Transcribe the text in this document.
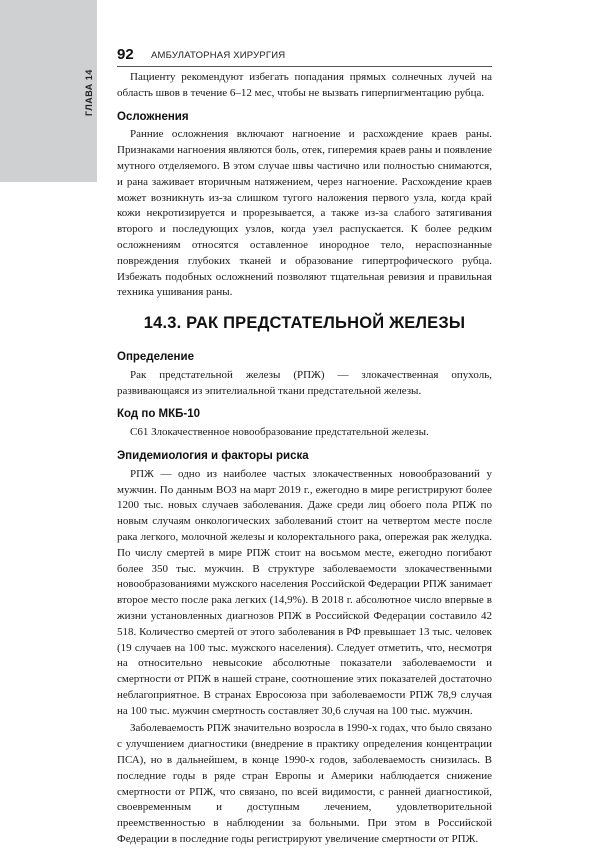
ГЛАВА 14
92 АМБУЛАТОРНАЯ ХИРУРГИЯ

Пациенту рекомендуют избегать попадания прямых солнечных лучей на область швов в течение 6–12 мес, чтобы не вызвать гиперпигментацию рубца.

Осложнения

Ранние осложнения включают нагноение и расхождение краев раны. Признаками нагноения являются боль, отек, гиперемия краев раны и появление мутного отделяемого. В этом случае швы частично или полностью снимаются, и рана заживает вторичным натяжением, через нагноение. Расхождение краев может возникнуть из-за слишком тугого наложения первого узла, когда край кожи некротизируется и прорезывается, а также из-за слабого затягивания второго и последующих узлов, когда узел распускается. К более редким осложнениям относятся оставленное инородное тело, нераспознанные повреждения глубоких тканей и образование гипертрофического рубца. Избежать подобных осложнений позволяют тщательная ревизия и правильная техника ушивания раны.

14.3. РАК ПРЕДСТАТЕЛЬНОЙ ЖЕЛЕЗЫ
Определение

Рак предстательной железы (РПЖ) — злокачественная опухоль, развивающаяся из эпителиальной ткани предстательной железы.

Код по МКБ-10

C61 Злокачественное новообразование предстательной железы.

Эпидемиология и факторы риска

РПЖ — одно из наиболее частых злокачественных новообразований у мужчин. По данным ВОЗ на март 2019 г., ежегодно в мире регистрируют более 1200 тыс. новых случаев заболевания. Даже среди лиц обоего пола РПЖ по новым случаям онкологических заболеваний стоит на четвертом месте после рака легкого, молочной железы и колоректального рака, опережая рак желудка. По числу смертей в мире РПЖ стоит на восьмом месте, ежегодно погибают более 350 тыс. мужчин. В структуре заболеваемости злокачественными новообразованиями мужского населения Российской Федерации РПЖ занимает второе место после рака легких (14,9%). В 2018 г. абсолютное число впервые в жизни установленных диагнозов РПЖ в Российской Федерации составило 42 518. Количество смертей от этого заболевания в РФ превышает 13 тыс. человек (19 случаев на 100 тыс. мужского населения). Следует отметить, что, несмотря на относительно невысокие абсолютные показатели заболеваемости и смертности от РПЖ в нашей стране, соотношение этих показателей достаточно неблагоприятное. В странах Евросоюза при заболеваемости РПЖ 78,9 случая на 100 тыс. мужчин смертность составляет 30,6 случая на 100 тыс. мужчин.

Заболеваемость РПЖ значительно возросла в 1990-х годах, что было связано с улучшением диагностики (внедрение в практику определения концентрации ПСА), но в дальнейшем, в конце 1990-х годов, заболеваемость снизилась. В последние годы в ряде стран Европы и Америки наблюдается снижение смертности от РПЖ, что связано, по всей видимости, с ранней диагностикой, своевременным и доступным лечением, удовлетворительной преемственностью в наблюдении за больными. При этом в Российской Федерации в последние годы регистрируют увеличение смертности от РПЖ.
